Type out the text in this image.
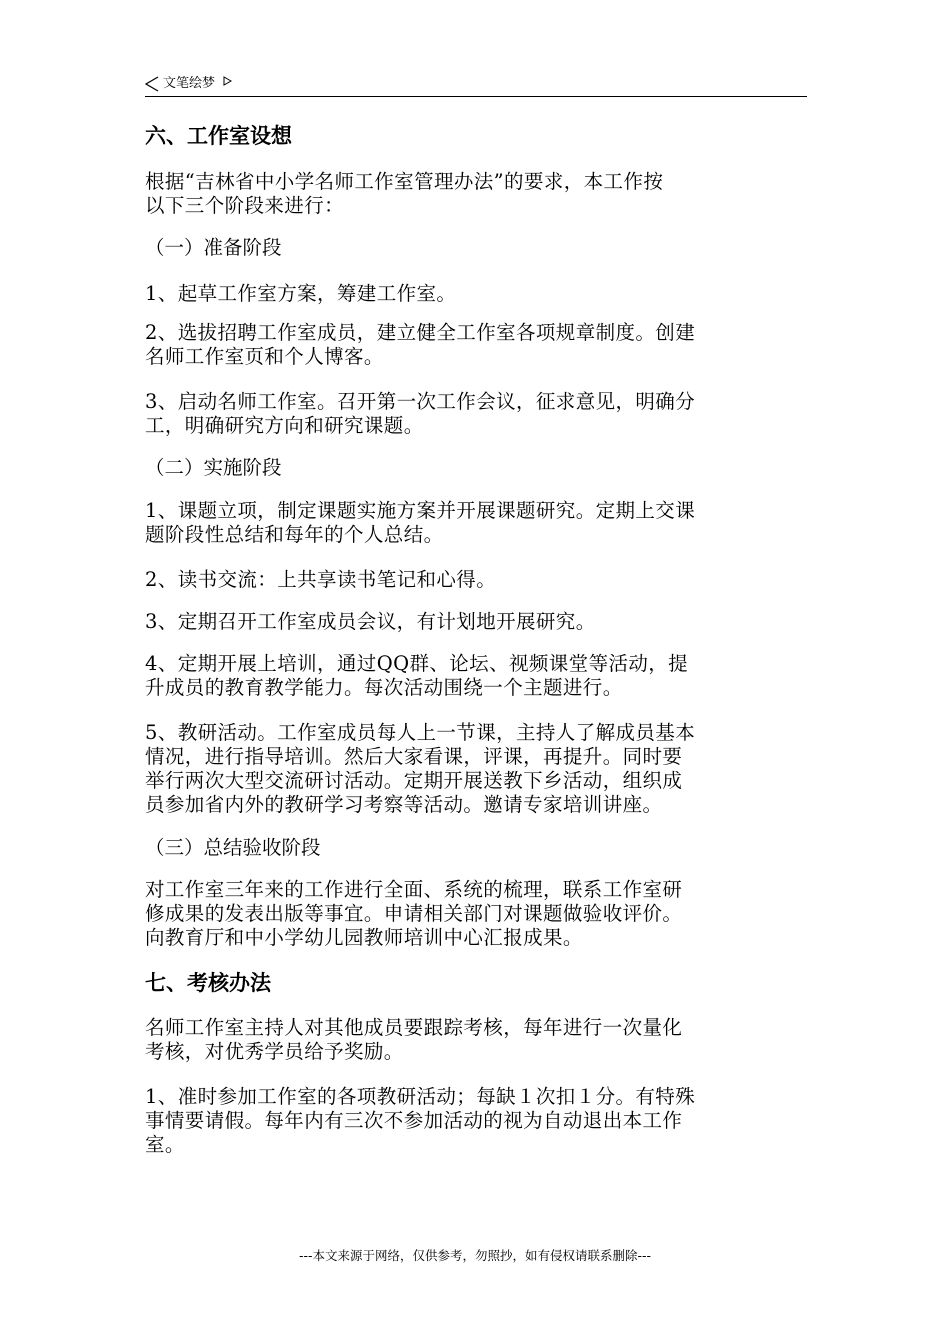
文笔绘梦
六、工作室设想
根据“吉林省中小学名师工作室管理办法”的要求，本工作按
以下三个阶段来进行：
（一）准备阶段
1、起草工作室方案，筹建工作室。
2、选拔招聘工作室成员，建立健全工作室各项规章制度。创建
名师工作室页和个人博客。
3、启动名师工作室。召开第一次工作会议，征求意见，明确分
工，明确研究方向和研究课题。
（二）实施阶段
1、课题立项，制定课题实施方案并开展课题研究。定期上交课
题阶段性总结和每年的个人总结。
2、读书交流：上共享读书笔记和心得。
3、定期召开工作室成员会议，有计划地开展研究。
4、定期开展上培训，通过QQ群、论坛、视频课堂等活动，提
升成员的教育教学能力。每次活动围绕一个主题进行。
5、教研活动。工作室成员每人上一节课，主持人了解成员基本
情况，进行指导培训。然后大家看课，评课，再提升。同时要
举行两次大型交流研讨活动。定期开展送教下乡活动，组织成
员参加省内外的教研学习考察等活动。邀请专家培训讲座。
（三）总结验收阶段
对工作室三年来的工作进行全面、系统的梳理，联系工作室研
修成果的发表出版等事宜。申请相关部门对课题做验收评价。
向教育厅和中小学幼儿园教师培训中心汇报成果。
七、考核办法
名师工作室主持人对其他成员要跟踪考核，每年进行一次量化
考核，对优秀学员给予奖励。
1、准时参加工作室的各项教研活动；每缺１次扣１分。有特殊
事情要请假。每年内有三次不参加活动的视为自动退出本工作
室。
---本文来源于网络，仅供参考，勿照抄，如有侵权请联系删除---
